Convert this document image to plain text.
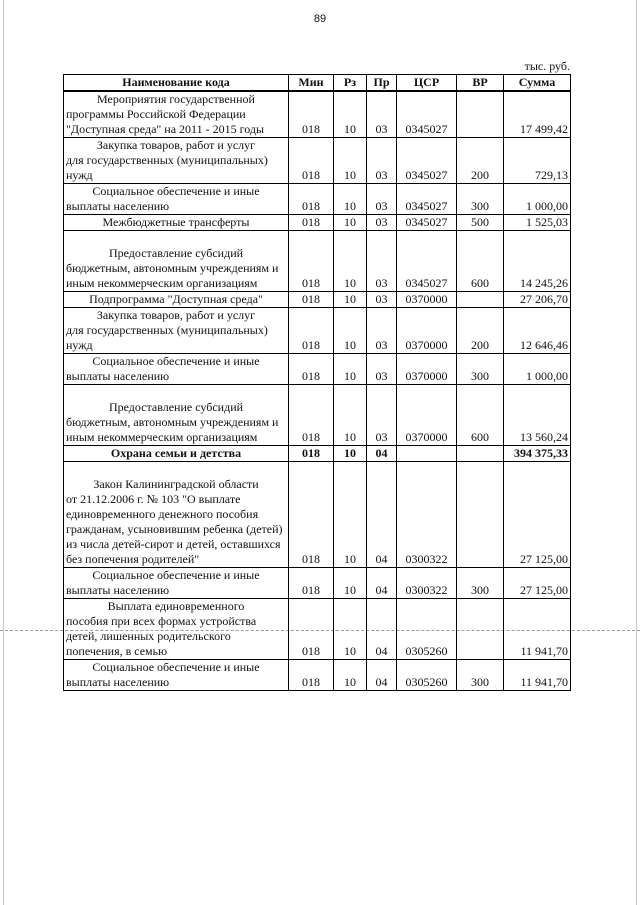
89
тыс. руб.
Наименование кода	Мин	Рз	Пр	ЦСР	ВР	Сумма
Мероприятия государственной
программы Российской Федерации "Доступная среда" на 2011 - 2015 годы	018	10	03	0345027		17 499,42
Закупка товаров, работ и услуг
для государственных (муниципальных) нужд	018	10	03	0345027	200	729,13
Социальное обеспечение и иные
выплаты населению	018	10	03	0345027	300	1 000,00
Межбюджетные трансферты	018	10	03	0345027	500	1 525,03
Предоставление субсидий
бюджетным, автономным учреждениям и иным некоммерческим организациям	018	10	03	0345027	600	14 245,26
Подпрограмма "Доступная среда"	018	10	03	0370000		27 206,70
Закупка товаров, работ и услуг
для государственных (муниципальных) нужд	018	10	03	0370000	200	12 646,46
Социальное обеспечение и иные
выплаты населению	018	10	03	0370000	300	1 000,00
Предоставление субсидий
бюджетным, автономным учреждениям и иным некоммерческим организациям	018	10	03	0370000	600	13 560,24
Охрана семьи и детства	018	10	04			394 375,33
Закон Калининградской области
от 21.12.2006 г. № 103 "О выплате единовременного денежного пособия гражданам, усыновившим ребенка (детей) из числа детей-сирот и детей, оставшихся без попечения родителей"	018	10	04	0300322		27 125,00
Социальное обеспечение и иные
выплаты населению	018	10	04	0300322	300	27 125,00
Выплата единовременного
пособия при всех формах устройства детей, лишенных родительского попечения, в семью	018	10	04	0305260		11 941,70
Социальное обеспечение и иные
выплаты населению	018	10	04	0305260	300	11 941,70
